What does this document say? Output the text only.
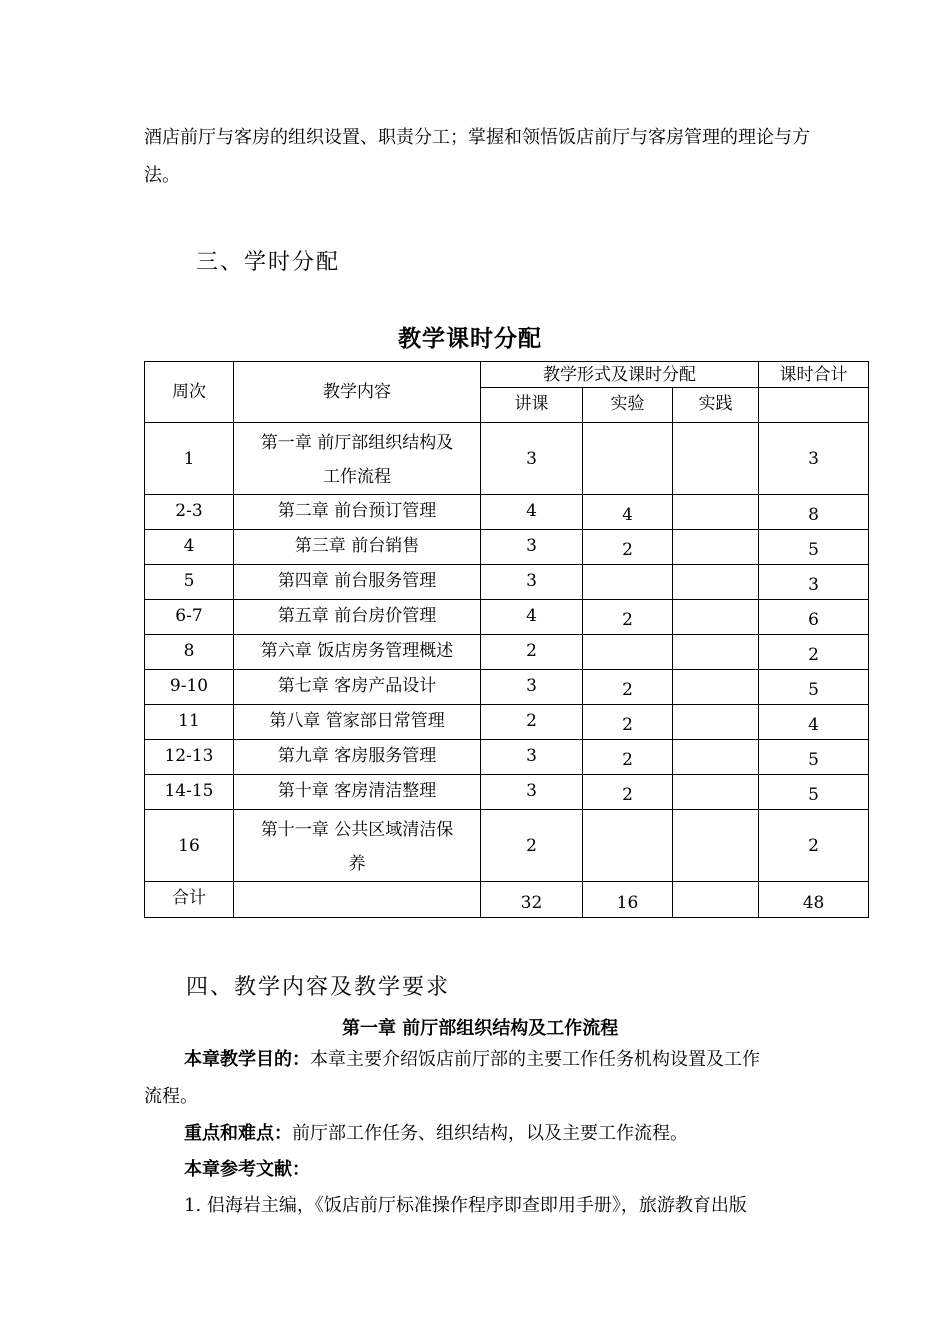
酒店前厅与客房的组织设置、职责分工；掌握和领悟饭店前厅与客房管理的理论与方
法。
三、学时分配
教学课时分配
周次	教学内容	教学形式及课时分配			课时合计
		讲课	实验	实践	
1	第一章 前厅部组织结构及
工作流程	3			3
2-3	第二章 前台预订管理	4	4		8
4	第三章 前台销售	3	2		5
5	第四章 前台服务管理	3			3
6-7	第五章 前台房价管理	4	2		6
8	第六章 饭店房务管理概述	2			2
9-10	第七章 客房产品设计	3	2		5
11	第八章 管家部日常管理	2	2		4
12-13	第九章 客房服务管理	3	2		5
14-15	第十章 客房清洁整理	3	2		5
16	第十一章 公共区域清洁保
养	2			2
合计		32	16		48
四、教学内容及教学要求
第一章 前厅部组织结构及工作流程
本章教学目的：本章主要介绍饭店前厅部的主要工作任务机构设置及工作
流程。
重点和难点：前厅部工作任务、组织结构，以及主要工作流程。
本章参考文献：
1. 侣海岩主编，《饭店前厅标准操作程序即查即用手册》，旅游教育出版
